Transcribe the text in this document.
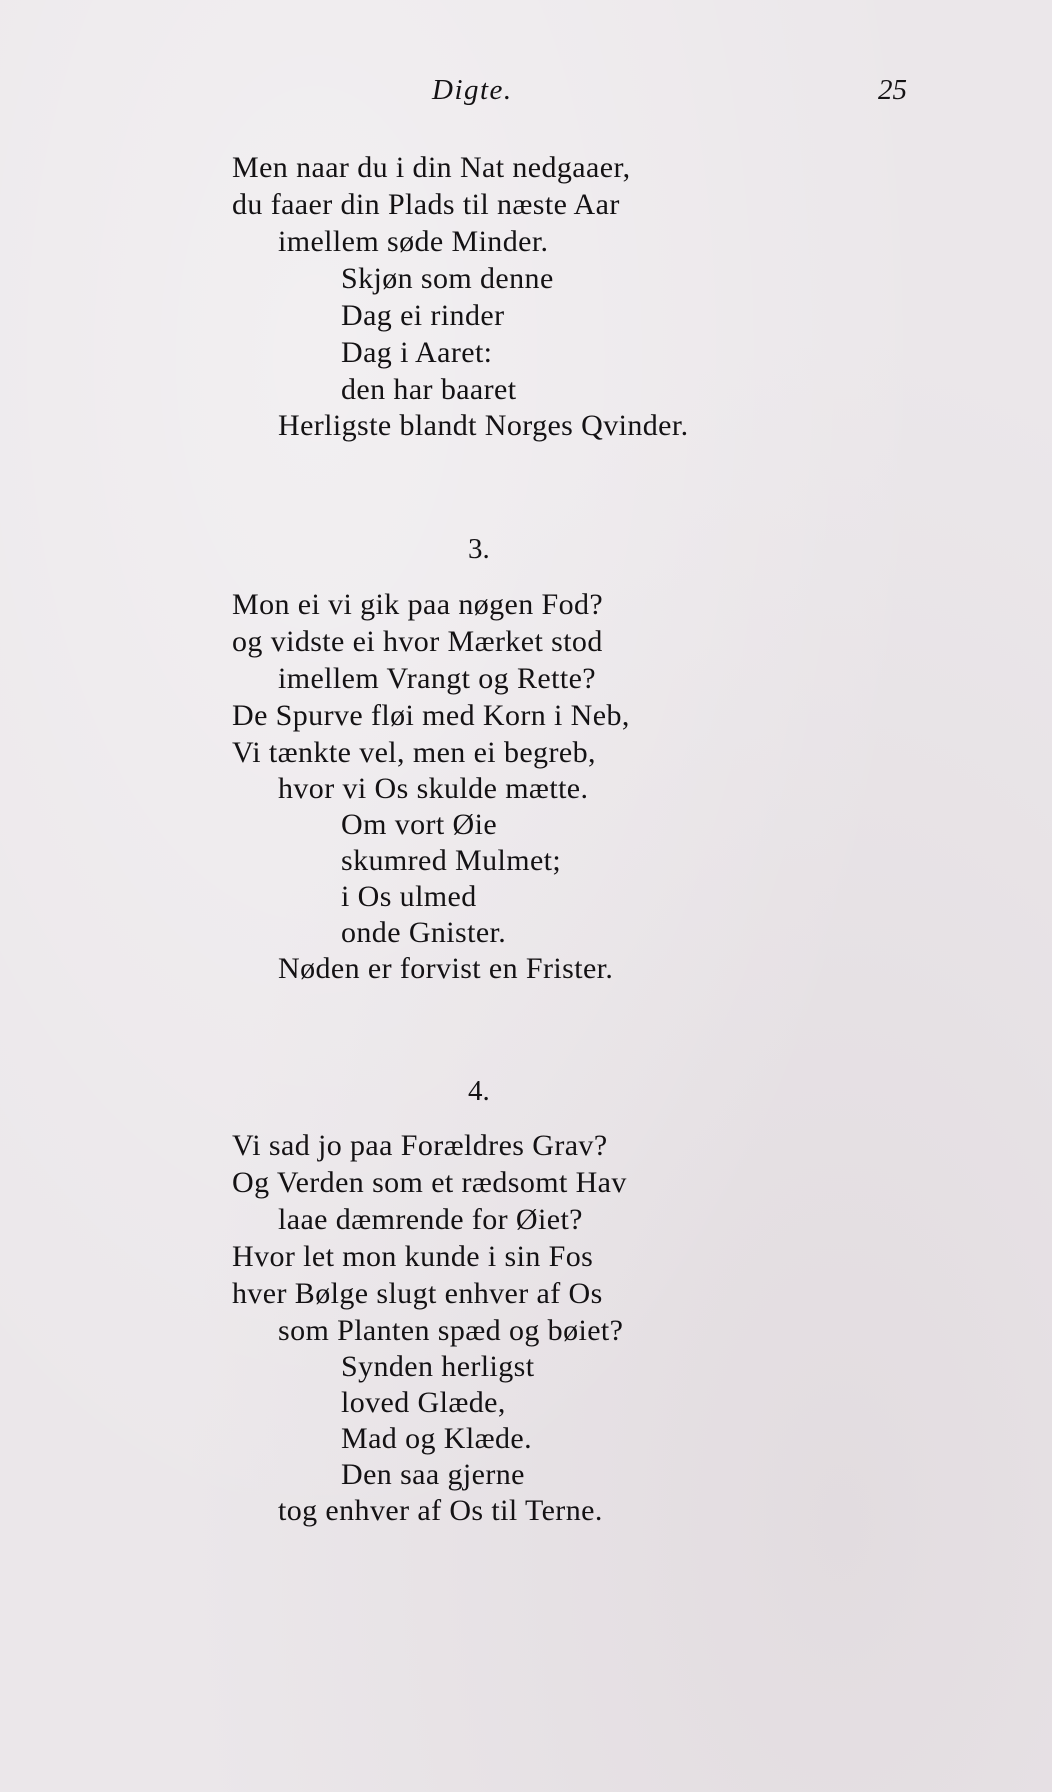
Digte.	25
Men naar du i din Nat nedgaaer,
du faaer din Plads til næste Aar
imellem søde Minder.
Skjøn som denne
Dag ei rinder
Dag i Aaret:
den har baaret
Herligste blandt Norges Qvinder.
3.
Mon ei vi gik paa nøgen Fod?
og vidste ei hvor Mærket stod
imellem Vrangt og Rette?
De Spurve fløi med Korn i Neb,
Vi tænkte vel, men ei begreb,
hvor vi Os skulde mætte.
Om vort Øie
skumred Mulmet;
i Os ulmed
onde Gnister.
Nøden er forvist en Frister.
4.
Vi sad jo paa Forældres Grav?
Og Verden som et rædsomt Hav
laae dæmrende for Øiet?
Hvor let mon kunde i sin Fos
hver Bølge slugt enhver af Os
som Planten spæd og bøiet?
Synden herligst
loved Glæde,
Mad og Klæde.
Den saa gjerne
tog enhver af Os til Terne.
